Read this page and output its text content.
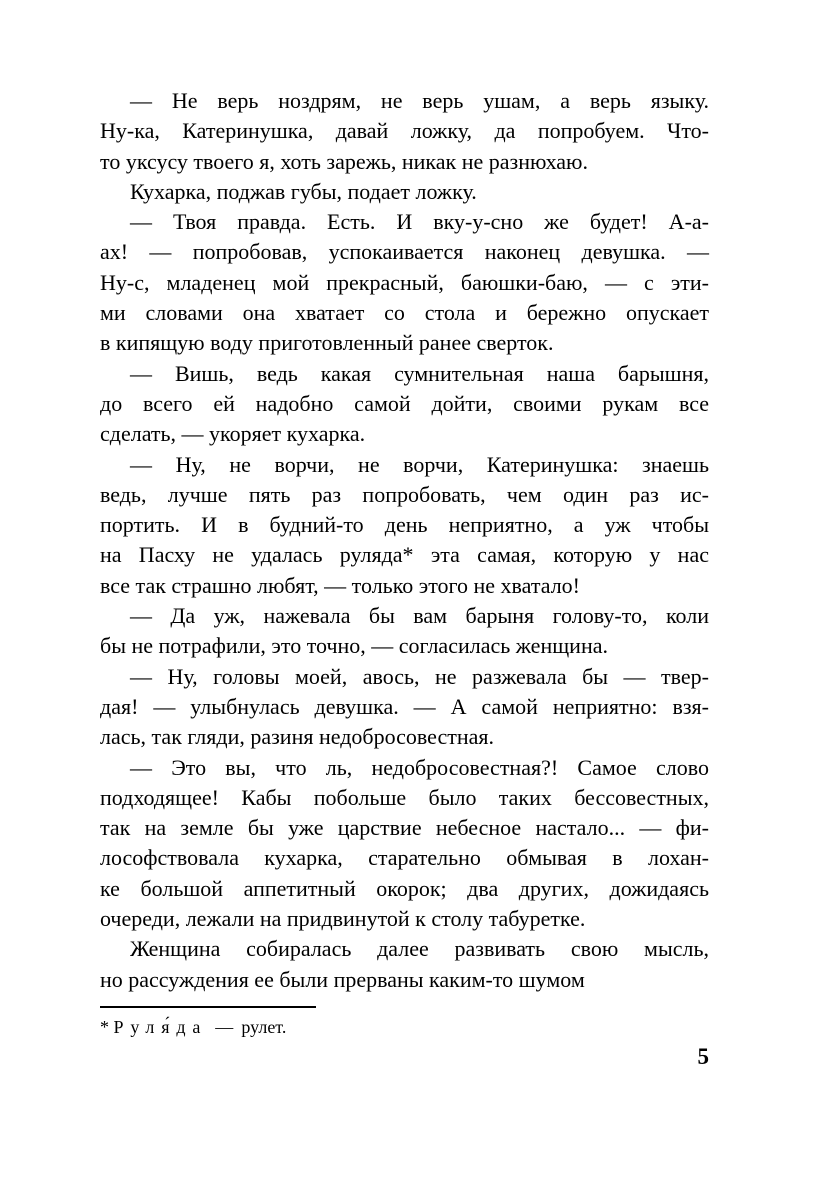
— Не верь ноздрям, не верь ушам, а верь языку.
Ну-ка, Катеринушка, давай ложку, да попробуем. Что-
то уксусу твоего я, хоть зарежь, никак не разнюхаю.
Кухарка, поджав губы, подает ложку.
— Твоя правда. Есть. И вку-у-сно же будет! А-а-
ах! — попробовав, успокаивается наконец девушка. —
Ну-с, младенец мой прекрасный, баюшки-баю, — с эти-
ми словами она хватает со стола и бережно опускает
в кипящую воду приготовленный ранее сверток.
— Вишь, ведь какая сумнительная наша барышня,
до всего ей надобно самой дойти, своими рукам все
сделать, — укоряет кухарка.
— Ну, не ворчи, не ворчи, Катеринушка: знаешь
ведь, лучше пять раз попробовать, чем один раз ис-
портить. И в будний-то день неприятно, а уж чтобы
на Пасху не удалась руляда* эта самая, которую у нас
все так страшно любят, — только этого не хватало!
— Да уж, нажевала бы вам барыня голову-то, коли
бы не потрафили, это точно, — согласилась женщина.
— Ну, головы моей, авось, не разжевала бы — твер-
дая! — улыбнулась девушка. — А самой неприятно: взя-
лась, так гляди, разиня недобросовестная.
— Это вы, что ль, недобросовестная?! Самое слово
подходящее! Кабы побольше было таких бессовестных,
так на земле бы уже царствие небесное настало... — фи-
лософствовала кухарка, старательно обмывая в лохан-
ке большой аппетитный окорок; два других, дожидаясь
очереди, лежали на придвинутой к столу табуретке.
Женщина собиралась далее развивать свою мысль,
но рассуждения ее были прерваны каким-то шумом
* Руля́да — рулет.
5
